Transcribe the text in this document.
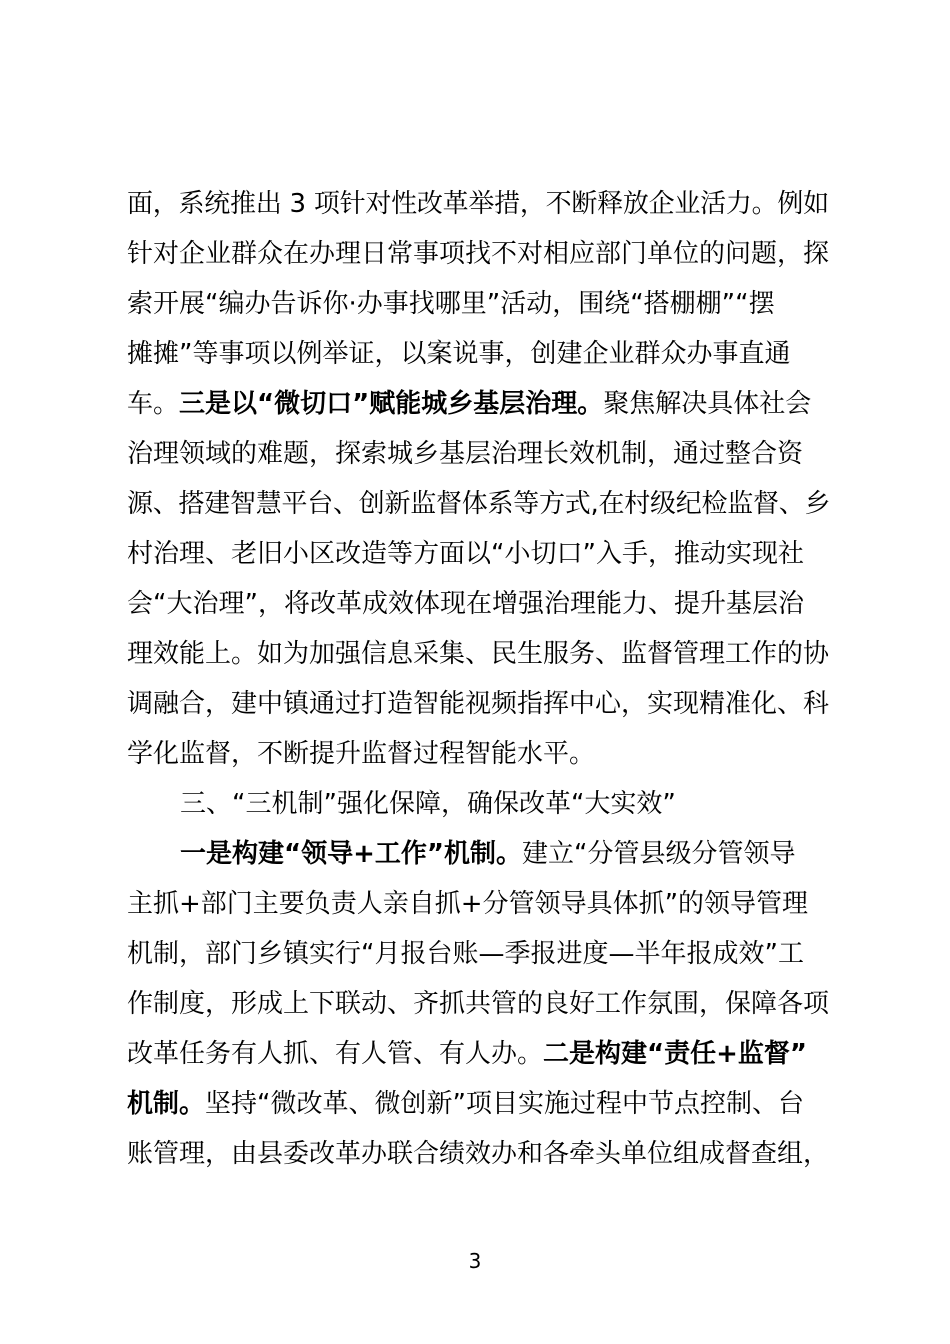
面，系统推出 3 项针对性改革举措，不断释放企业活力。例如
针对企业群众在办理日常事项找不对相应部门单位的问题，探
索开展“编办告诉你·办事找哪里”活动，围绕“搭棚棚”“摆
摊摊”等事项以例举证，以案说事，创建企业群众办事直通
车。三是以“微切口”赋能城乡基层治理。聚焦解决具体社会
治理领域的难题，探索城乡基层治理长效机制，通过整合资
源、搭建智慧平台、创新监督体系等方式,在村级纪检监督、乡
村治理、老旧小区改造等方面以“小切口”入手，推动实现社
会“大治理”，将改革成效体现在增强治理能力、提升基层治
理效能上。如为加强信息采集、民生服务、监督管理工作的协
调融合，建中镇通过打造智能视频指挥中心，实现精准化、科
学化监督，不断提升监督过程智能水平。
三、“三机制”强化保障，确保改革“大实效”
一是构建“领导+工作”机制。建立“分管县级分管领导
主抓+部门主要负责人亲自抓+分管领导具体抓”的领导管理
机制，部门乡镇实行“月报台账—季报进度—半年报成效”工
作制度，形成上下联动、齐抓共管的良好工作氛围，保障各项
改革任务有人抓、有人管、有人办。二是构建“责任+监督”
机制。坚持“微改革、微创新”项目实施过程中节点控制、台
账管理，由县委改革办联合绩效办和各牵头单位组成督查组，
3
